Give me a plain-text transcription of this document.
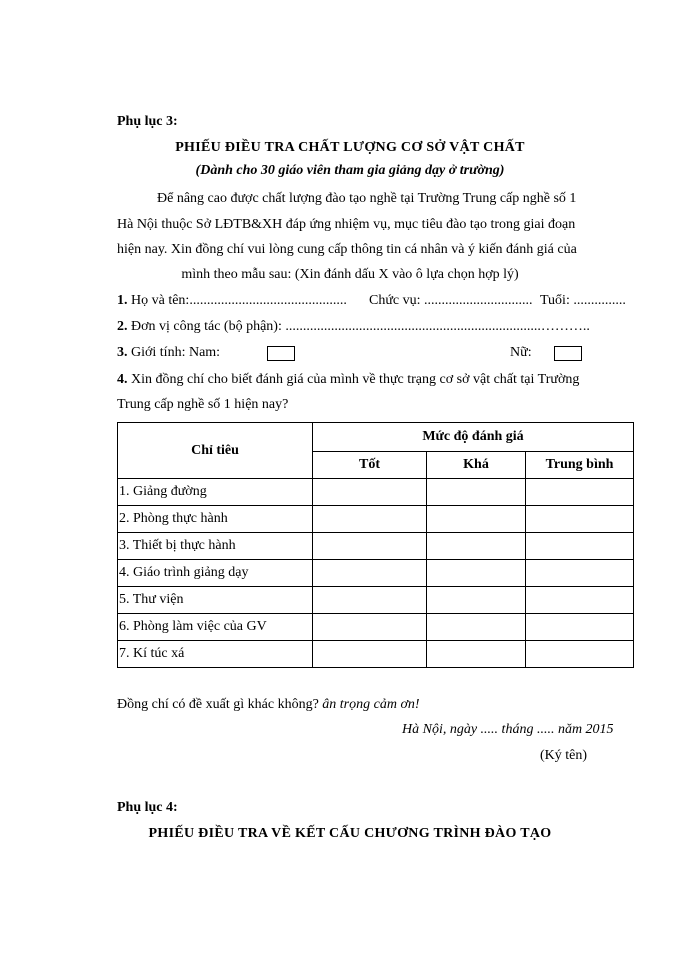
Phụ lục 3:
PHIẾU ĐIỀU TRA CHẤT LƯỢNG CƠ SỞ VẬT CHẤT
(Dành cho 30 giáo viên tham gia giảng dạy ở trường)
Để nâng cao được chất lượng đào tạo nghề tại Trường Trung cấp nghề số 1
Hà Nội thuộc Sở LĐTB&XH đáp ứng nhiệm vụ, mục tiêu đào tạo trong giai đoạn
hiện nay. Xin đồng chí vui lòng cung cấp thông tin cá nhân và ý kiến đánh giá của
mình theo mẫu sau: (Xin đánh dấu X vào ô lựa chọn hợp lý)
1. Họ và tên:............................................. Chức vụ: ............................... Tuổi: ...............
2. Đơn vị công tác (bộ phận): .........................................................................………..
3. Giới tính: Nam:	Nữ:
4. Xin đồng chí cho biết đánh giá của mình về thực trạng cơ sở vật chất tại Trường
Trung cấp nghề số 1 hiện nay?
Chỉ tiêu	Mức độ đánh giá		
	Tốt	Khá	Trung bình
1. Giảng đường			
2. Phòng thực hành			
3. Thiết bị thực hành			
4. Giáo trình giảng dạy			
5. Thư viện			
6. Phòng làm việc của GV			
7. Kí túc xá			
Đồng chí có đề xuất gì khác không? ân trọng cảm ơn!
Hà Nội, ngày ..... tháng ..... năm 2015
(Ký tên)
Phụ lục 4:
PHIẾU ĐIỀU TRA VỀ KẾT CẤU CHƯƠNG TRÌNH ĐÀO TẠO
